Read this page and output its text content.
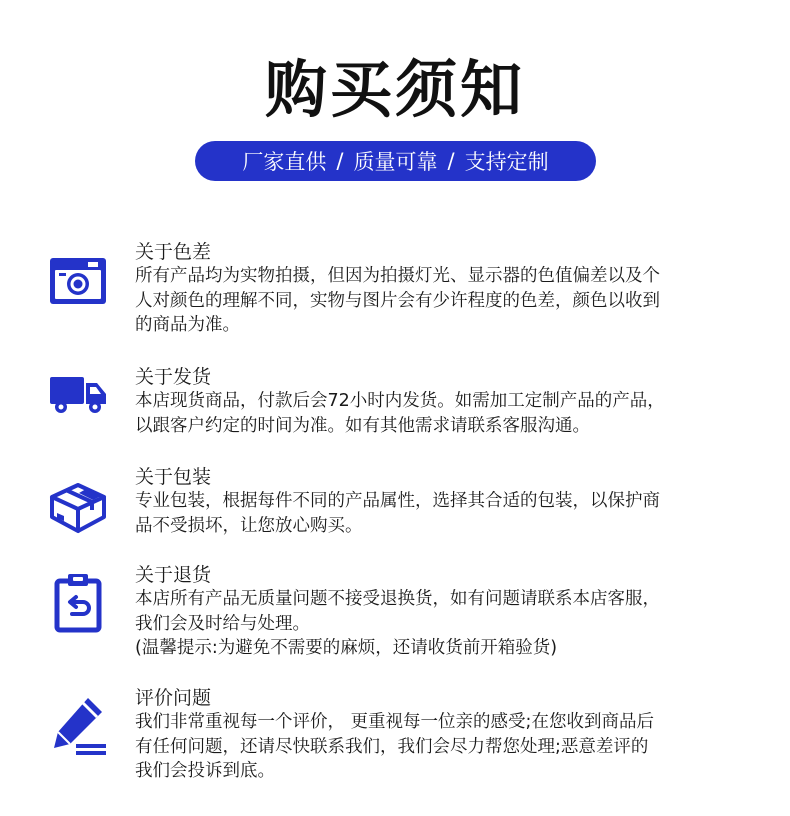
购买须知
厂家直供 / 质量可靠 / 支持定制

关于色差

所有产品均为实物拍摄，但因为拍摄灯光、显示器的色值偏差以及个
人对颜色的理解不同，实物与图片会有少许程度的色差，颜色以收到
的商品为准。

关于发货

本店现货商品，付款后会72小时内发货。如需加工定制产品的产品，
以跟客户约定的时间为准。如有其他需求请联系客服沟通。

关于包装

专业包装，根据每件不同的产品属性，选择其合适的包装，以保护商
品不受损坏，让您放心购买。

关于退货

本店所有产品无质量问题不接受退换货，如有问题请联系本店客服，
我们会及时给与处理。
(温馨提示:为避免不需要的麻烦，还请收货前开箱验货)

评价问题

我们非常重视每一个评价， 更重视每一位亲的感受;在您收到商品后
有任何问题，还请尽快联系我们，我们会尽力帮您处理;恶意差评的
我们会投诉到底。
